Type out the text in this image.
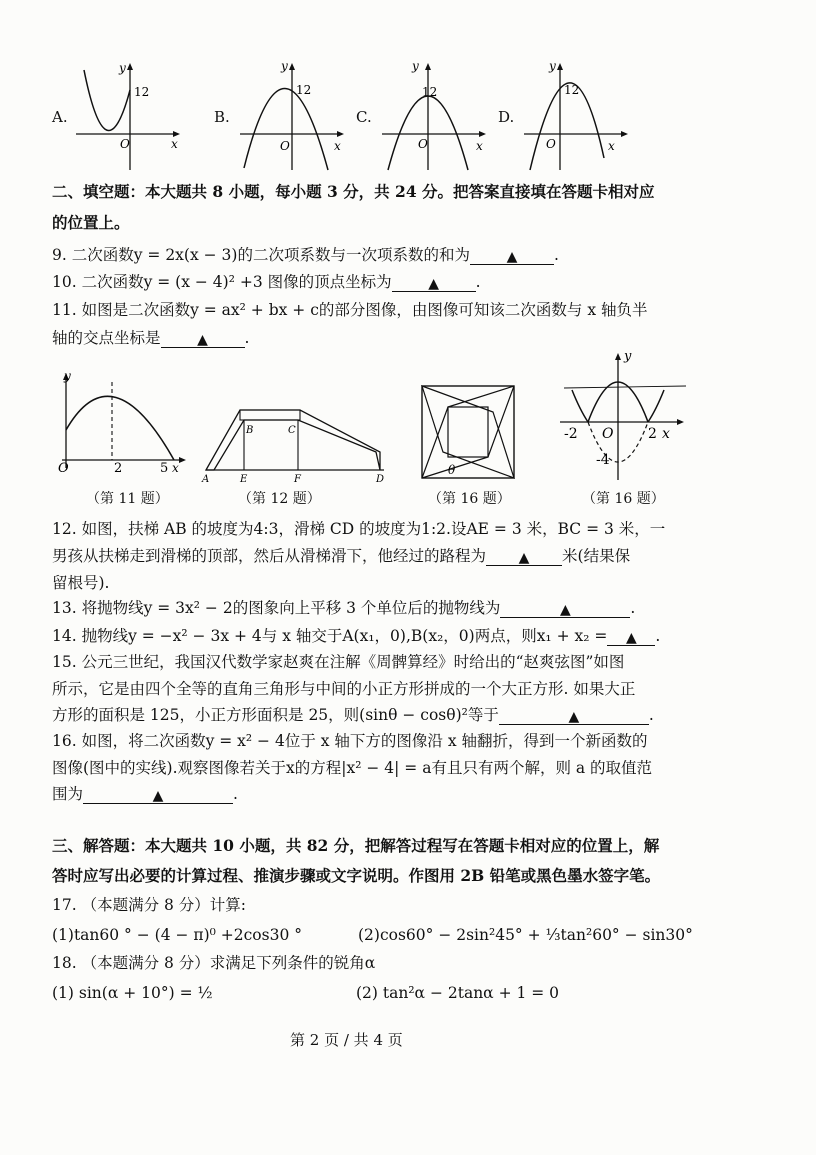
A.
y
12
O	x
B.
y
12
O	x
C.
y
12
O	x
D.
y
12
O	x
二、填空题：本大题共 8 小题，每小题 3 分，共 24 分。把答案直接填在答题卡相对应
的位置上。
9. 二次函数y = 2x(x − 3)的二次项系数与一次项系数的和为	▲ .
10. 二次函数y = (x − 4)² +3 图像的顶点坐标为	▲ .
11. 如图是二次函数y = ax² + bx + c的部分图像，由图像可知该二次函数与 x 轴负半
轴的交点坐标是	▲ .
y
O	2	5 x
（第 11 题）
B	C
A	E	F	D
（第 12 题）
θ
（第 16 题）
y
-2 O 2 x
-4
（第 16 题）
12. 如图，扶梯 AB 的坡度为4:3，滑梯 CD 的坡度为1:2.设AE = 3 米，BC = 3 米，一
男孩从扶梯走到滑梯的顶部，然后从滑梯滑下，他经过的路程为 ▲ 米(结果保
留根号).
13. 将抛物线y = 3x² − 2的图象向上平移 3 个单位后的抛物线为	▲	.
14. 抛物线y = −x² − 3x + 4与 x 轴交于A(x₁，0),B(x₂，0)两点，则x₁ + x₂ = ▲ .
15. 公元三世纪，我国汉代数学家赵爽在注解《周髀算经》时给出的“赵爽弦图”如图
所示，它是由四个全等的直角三角形与中间的小正方形拼成的一个大正方形. 如果大正
方形的面积是 125，小正方形面积是 25，则(sinθ − cosθ)²等于	▲	.
16. 如图，将二次函数y = x² − 4位于 x 轴下方的图像沿 x 轴翻折，得到一个新函数的
图像(图中的实线).观察图像若关于x的方程|x² − 4| = a有且只有两个解，则 a 的取值范
围为	▲	.
三、解答题：本大题共 10 小题，共 82 分，把解答过程写在答题卡相对应的位置上，解
答时应写出必要的计算过程、推演步骤或文字说明。作图用 2B 铅笔或黑色墨水签字笔。
17. （本题满分 8 分）计算:
(1)tan60 ° − (4 − π)⁰ +2cos30 °	(2)cos60° − 2sin²45° + ⅓tan²60° − sin30°
18. （本题满分 8 分）求满足下列条件的锐角α
(1) sin(α + 10°) = ½	(2) tan²α − 2tanα + 1 = 0
第 2 页 / 共 4 页
